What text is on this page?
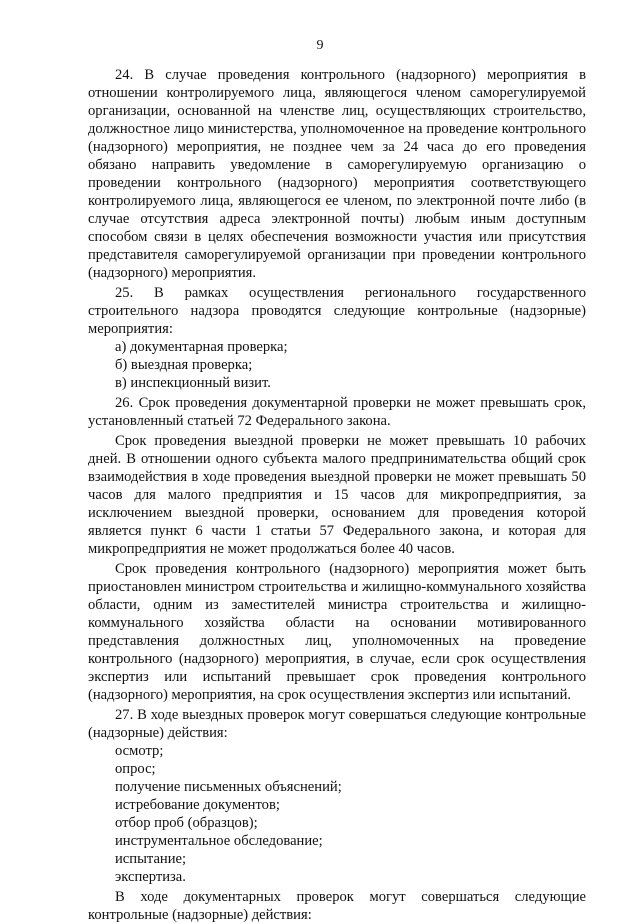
9

24. В случае проведения контрольного (надзорного) мероприятия в отношении контролируемого лица, являющегося членом саморегулируемой организации, основанной на членстве лиц, осуществляющих строительство, должностное лицо министерства, уполномоченное на проведение контрольного (надзорного) мероприятия, не позднее чем за 24 часа до его проведения обязано направить уведомление в саморегулируемую организацию о проведении контрольного (надзорного) мероприятия соответствующего контролируемого лица, являющегося ее членом, по электронной почте либо (в случае отсутствия адреса электронной почты) любым иным доступным способом связи в целях обеспечения возможности участия или присутствия представителя саморегулируемой организации при проведении контрольного (надзорного) мероприятия.

25. В рамках осуществления регионального государственного строительного надзора проводятся следующие контрольные (надзорные) мероприятия:

а) документарная проверка;

б) выездная проверка;

в) инспекционный визит.

26. Срок проведения документарной проверки не может превышать срок, установленный статьей 72 Федерального закона.

Срок проведения выездной проверки не может превышать 10 рабочих дней. В отношении одного субъекта малого предпринимательства общий срок взаимодействия в ходе проведения выездной проверки не может превышать 50 часов для малого предприятия и 15 часов для микропредприятия, за исключением выездной проверки, основанием для проведения которой является пункт 6 части 1 статьи 57 Федерального закона, и которая для микропредприятия не может продолжаться более 40 часов.

Срок проведения контрольного (надзорного) мероприятия может быть приостановлен министром строительства и жилищно-коммунального хозяйства области, одним из заместителей министра строительства и жилищно-коммунального хозяйства области на основании мотивированного представления должностных лиц, уполномоченных на проведение контрольного (надзорного) мероприятия, в случае, если срок осуществления экспертиз или испытаний превышает срок проведения контрольного (надзорного) мероприятия, на срок осуществления экспертиз или испытаний.

27. В ходе выездных проверок могут совершаться следующие контрольные (надзорные) действия:

осмотр;

опрос;

получение письменных объяснений;

истребование документов;

отбор проб (образцов);

инструментальное обследование;

испытание;

экспертиза.

В ходе документарных проверок могут совершаться следующие контрольные (надзорные) действия:
